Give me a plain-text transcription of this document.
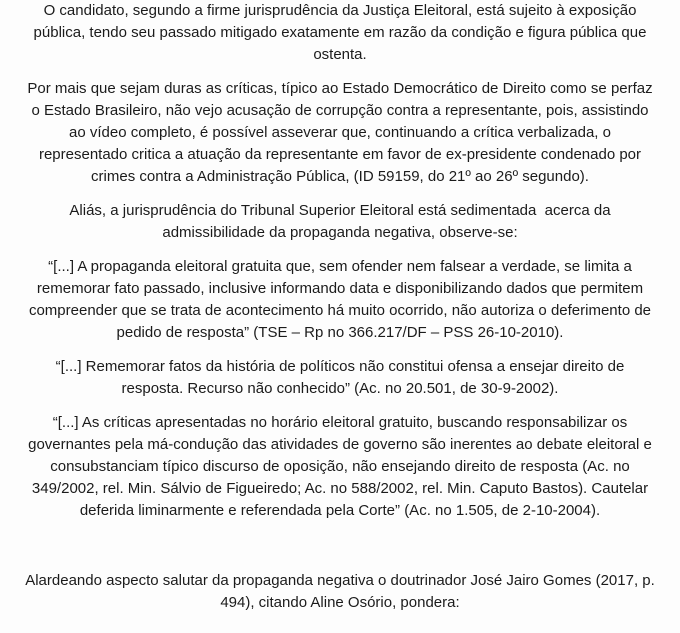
O candidato, segundo a firme jurisprudência da Justiça Eleitoral, está sujeito à exposição
pública, tendo seu passado mitigado exatamente em razão da condição e figura pública que
ostenta.
Por mais que sejam duras as críticas, típico ao Estado Democrático de Direito como se perfaz
o Estado Brasileiro, não vejo acusação de corrupção contra a representante, pois, assistindo
ao vídeo completo, é possível asseverar que, continuando a crítica verbalizada, o
representado critica a atuação da representante em favor de ex-presidente condenado por
crimes contra a Administração Pública, (ID 59159, do 21º ao 26º segundo).
Aliás, a jurisprudência do Tribunal Superior Eleitoral está sedimentada  acerca da
admissibilidade da propaganda negativa, observe-se:
“[...] A propaganda eleitoral gratuita que, sem ofender nem falsear a verdade, se limita a
rememorar fato passado, inclusive informando data e disponibilizando dados que permitem
compreender que se trata de acontecimento há muito ocorrido, não autoriza o deferimento de
pedido de resposta” (TSE – Rp no 366.217/DF – PSS 26-10-2010).
“[...] Rememorar fatos da história de políticos não constitui ofensa a ensejar direito de
resposta. Recurso não conhecido” (Ac. no 20.501, de 30-9-2002).
“[...] As críticas apresentadas no horário eleitoral gratuito, buscando responsabilizar os
governantes pela má-condução das atividades de governo são inerentes ao debate eleitoral e
consubstanciam típico discurso de oposição, não ensejando direito de resposta (Ac. no
349/2002, rel. Min. Sálvio de Figueiredo; Ac. no 588/2002, rel. Min. Caputo Bastos). Cautelar
deferida liminarmente e referendada pela Corte” (Ac. no 1.505, de 2-10-2004).
Alardeando aspecto salutar da propaganda negativa o doutrinador José Jairo Gomes (2017, p.
494), citando Aline Osório, pondera:
